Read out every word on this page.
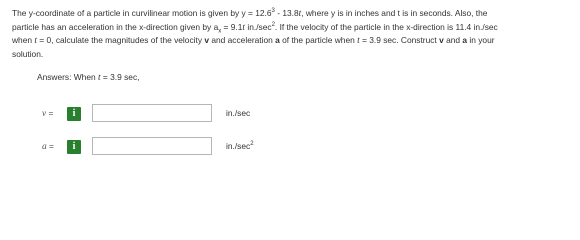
The y-coordinate of a particle in curvilinear motion is given by $y = 12.6^3 - 13.8t$, where y is in inches and t is in seconds. Also, the
particle has an acceleration in the x-direction given by $a_x = 9.1t$ $in./\sec^2$. If the velocity of the particle in the x-direction is 11.4 in./sec
when t = 0, calculate the magnitudes of the velocity v and acceleration a of the particle when t = 3.9 sec. Construct v and a in your
solution.

Answers: When t = 3.9 sec,

v =	i	in./sec
a =	i	$in./\sec^2$
